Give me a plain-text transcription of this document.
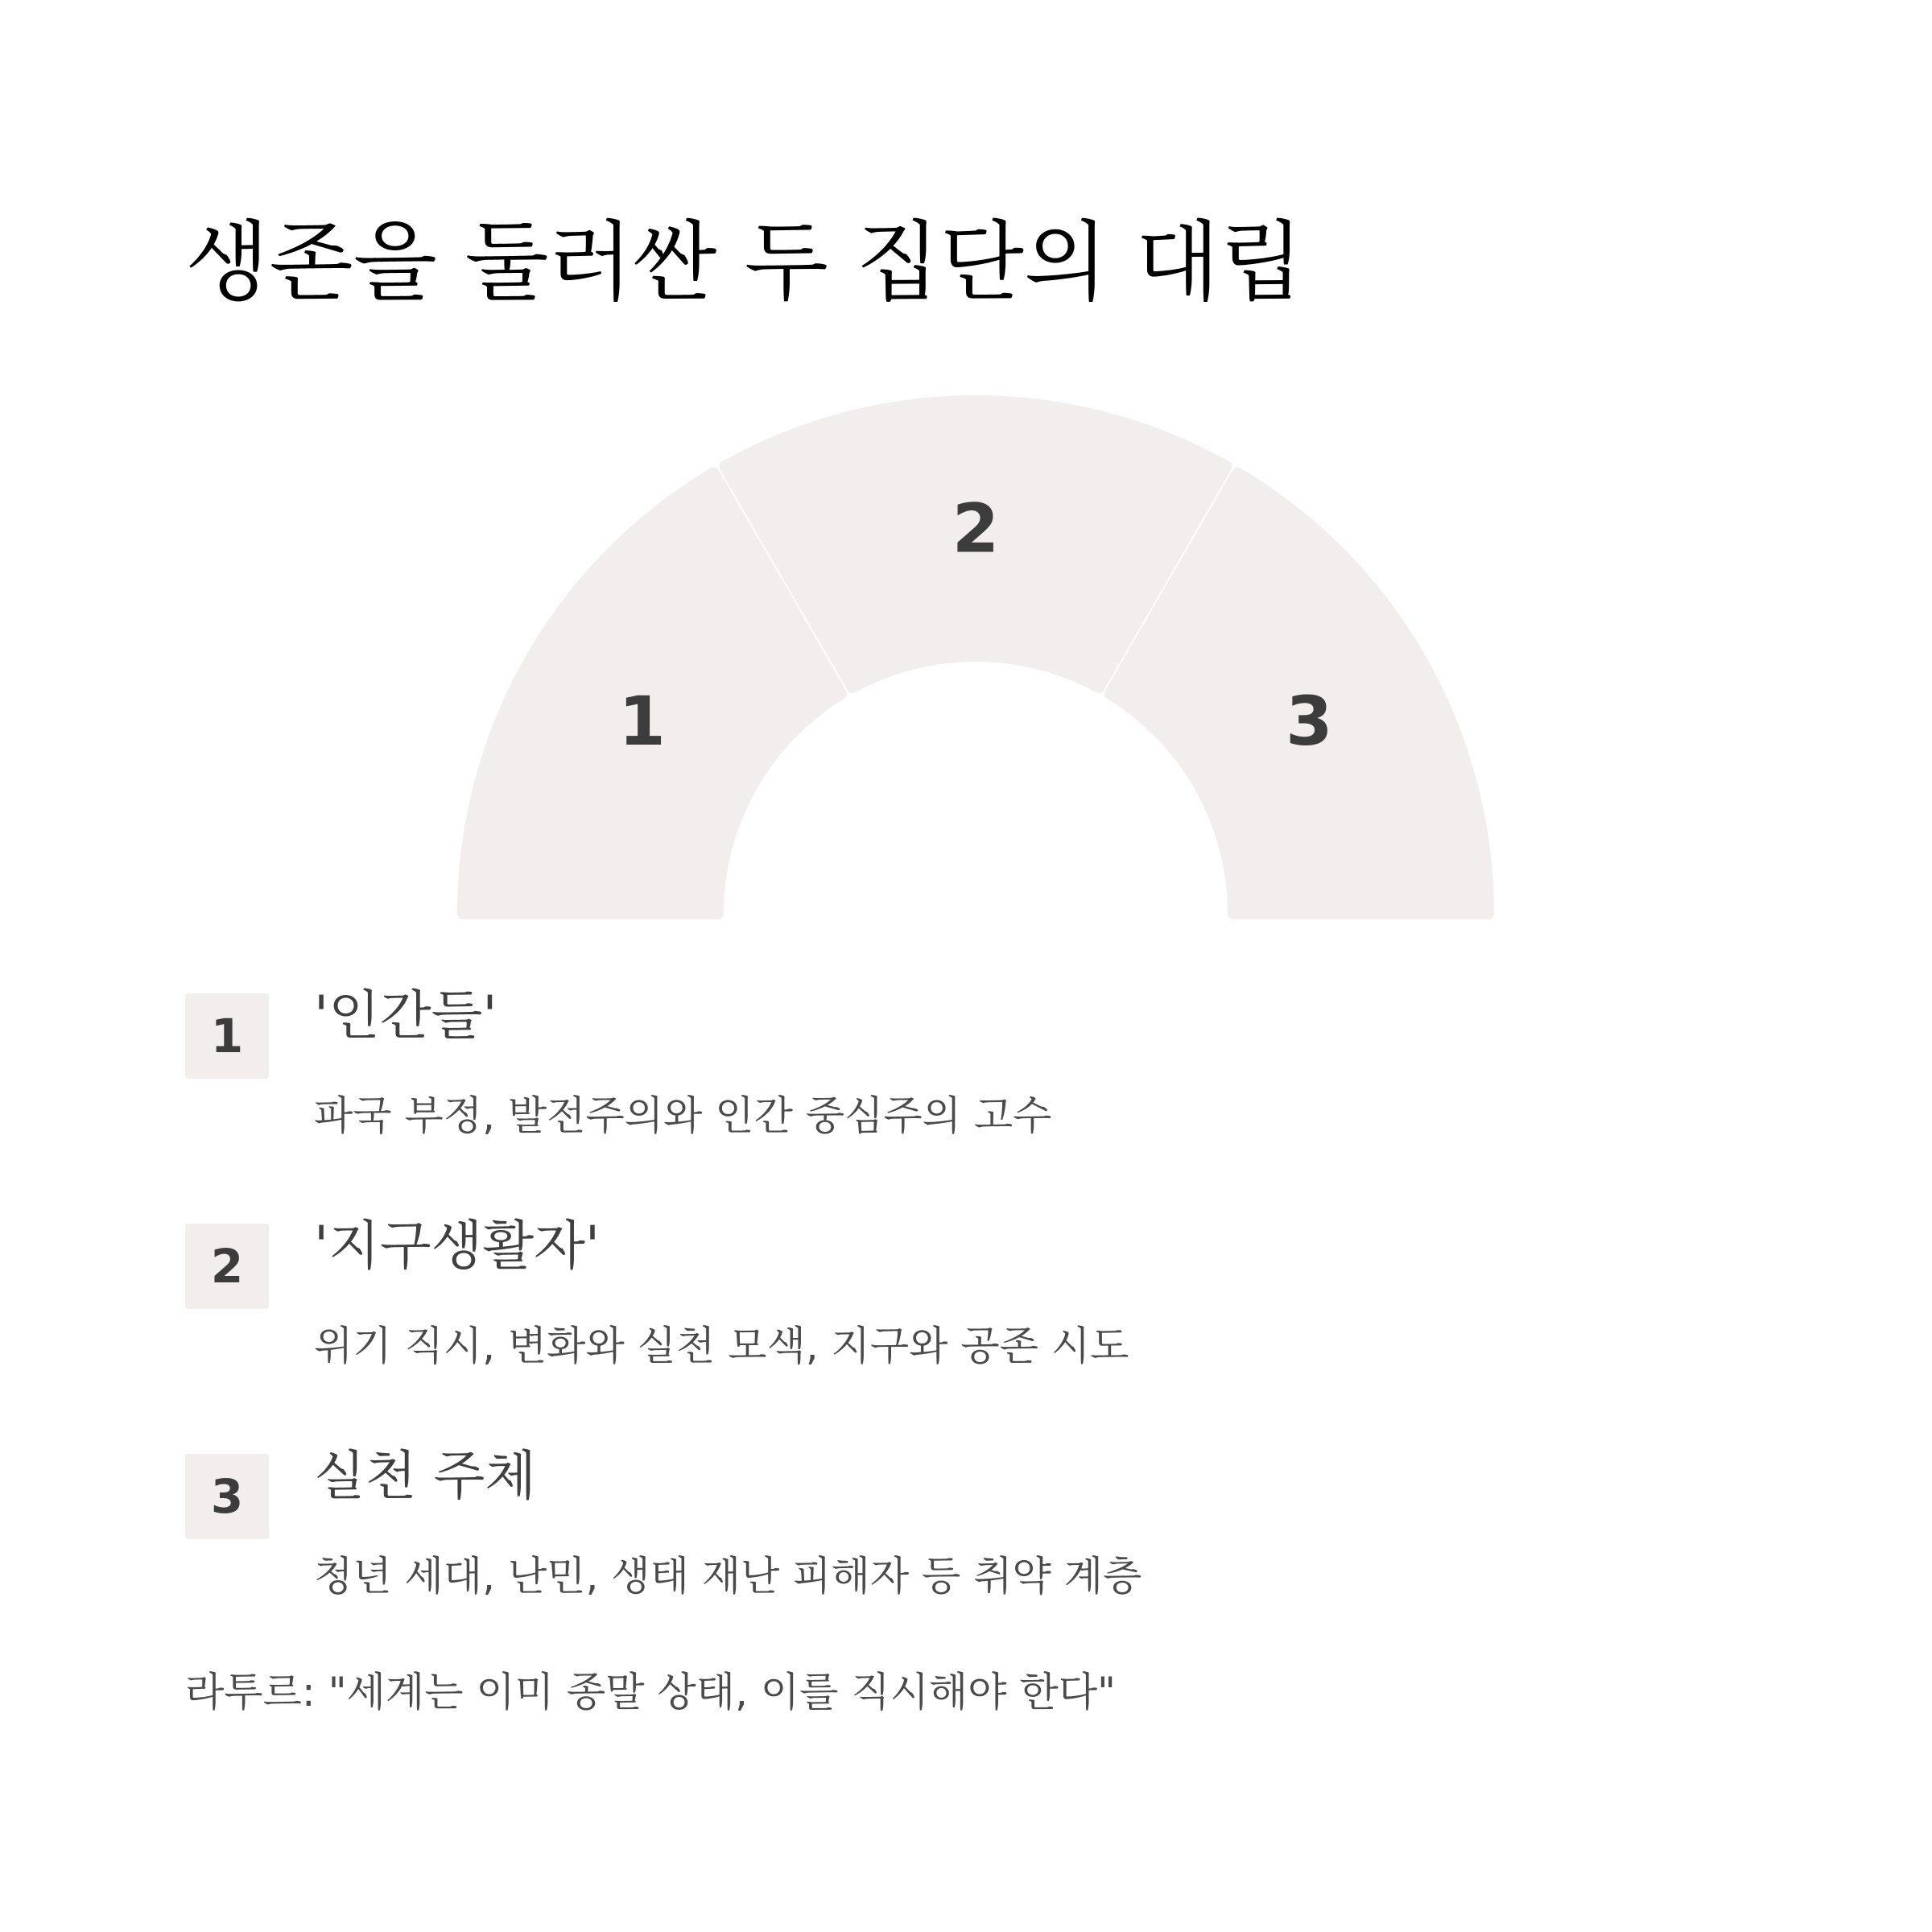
생존을 둘러싼 두 집단의 대립
1
2
3
1	'인간들'
파국 부정, 발전주의와 인간 중심주의 고수
2	'지구생활자'
위기 직시, 변화와 실천 모색, 지구와 공존 시도
3	실천 주체
청년 세대, 난민, 생태 재난 피해자 등 취약 계층
라투르: "세계는 이미 종말 상태, 이를 직시해야 한다"
